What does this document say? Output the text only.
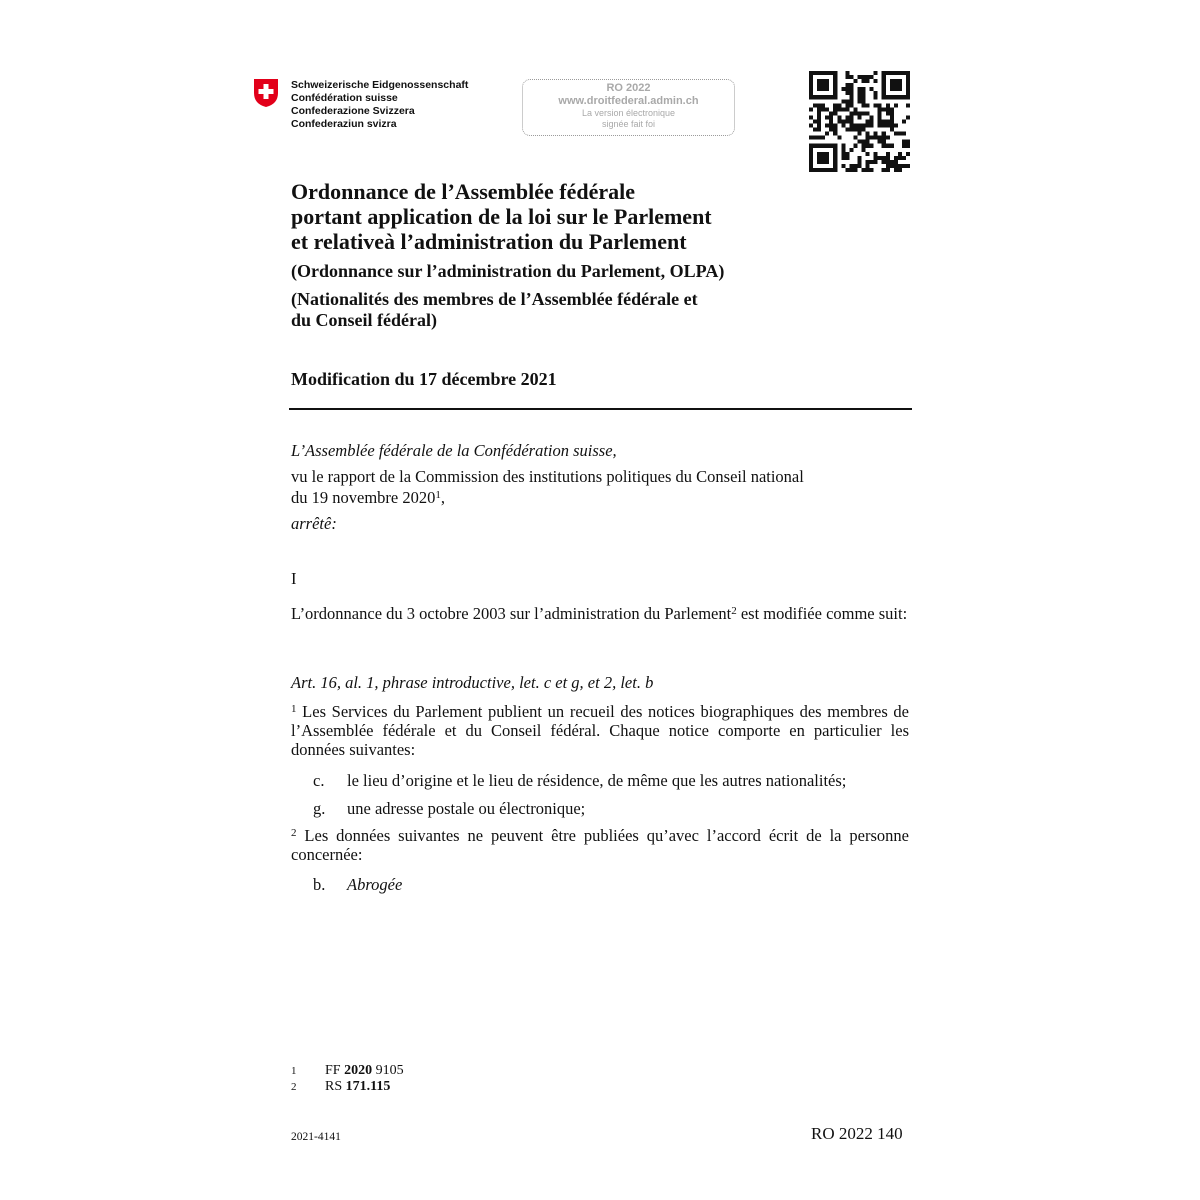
Schweizerische Eidgenossenschaft
Confédération suisse
Confederazione Svizzera
Confederaziun svizra
RO 2022
www.droitfederal.admin.ch
La version électronique
signée fait foi
Ordonnance de l’Assemblée fédérale
portant application de la loi sur le Parlement
et relativeà l’administration du Parlement
(Ordonnance sur l’administration du Parlement, OLPA)
(Nationalités des membres de l’Assemblée fédérale et
du Conseil fédéral)
Modification du 17 décembre 2021
L’Assemblée fédérale de la Confédération suisse,
vu le rapport de la Commission des institutions politiques du Conseil national
du 19 novembre 2020$^1$,
arrêtê:
I
L’ordonnance du 3 octobre 2003 sur l’administration du Parlement$^2$ est modifiée comme suit:
Art. 16, al. 1, phrase introductive, let. c et g, et 2, let. b
$^1$ Les Services du Parlement publient un recueil des notices biographiques des membres de l’Assemblée fédérale et du Conseil fédéral. Chaque notice comporte en particulier les données suivantes:
c. le lieu d’origine et le lieu de résidence, de même que les autres nationalités;
g. une adresse postale ou électronique;
$^2$ Les données suivantes ne peuvent être publiées qu’avec l’accord écrit de la personne concernée:
b. Abrogée
1 FF 2020 9105
2 RS 171.115
2021-4141	RO 2022 140
